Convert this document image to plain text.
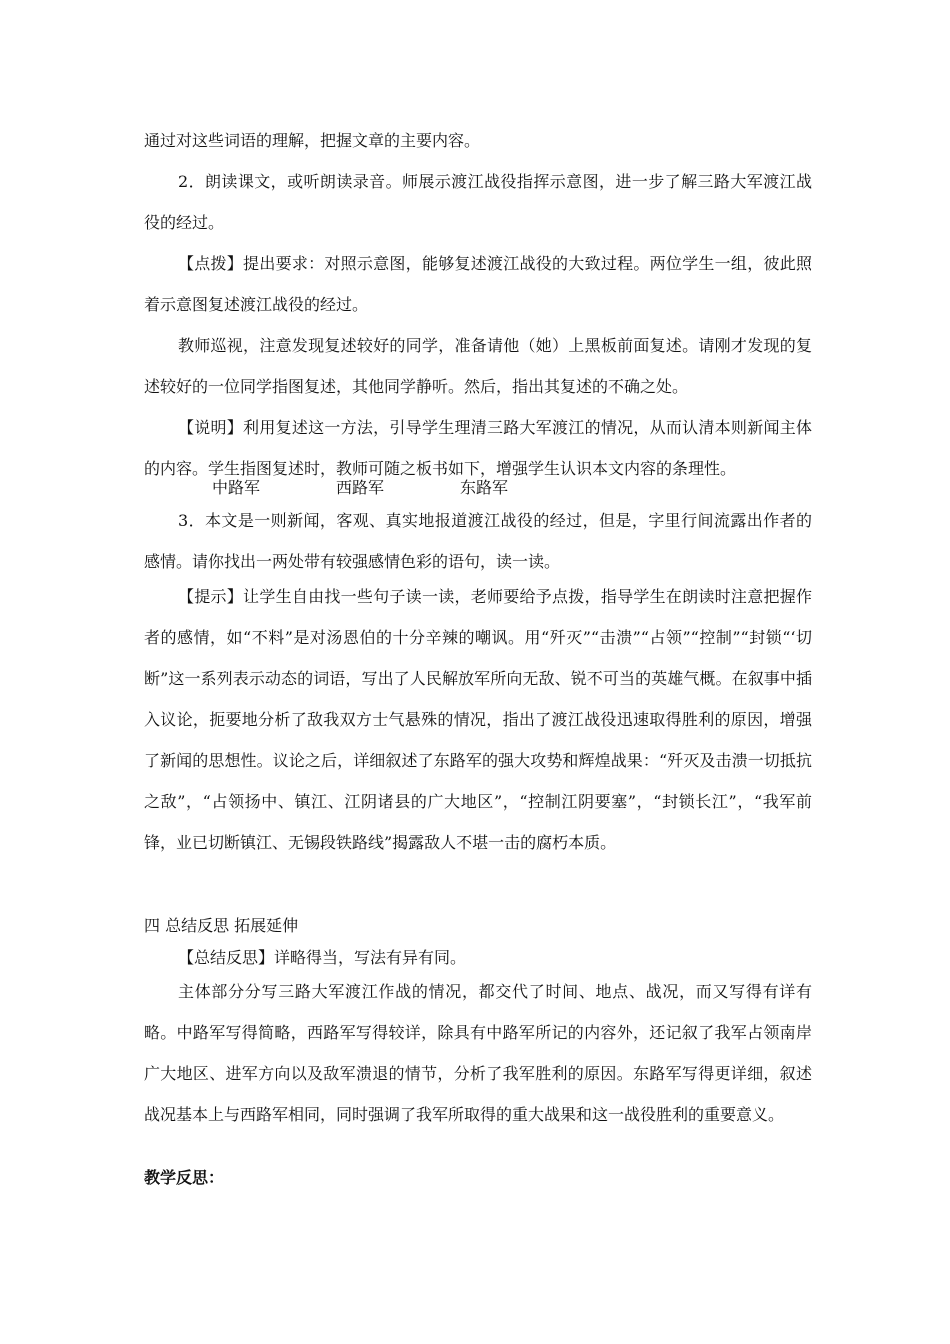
通过对这些词语的理解，把握文章的主要内容。

2．朗读课文，或听朗读录音。师展示渡江战役指挥示意图，进一步了解三路大军渡江战役的经过。

【点拨】提出要求：对照示意图，能够复述渡江战役的大致过程。两位学生一组，彼此照着示意图复述渡江战役的经过。

教师巡视，注意发现复述较好的同学，准备请他（她）上黑板前面复述。请刚才发现的复述较好的一位同学指图复述，其他同学静听。然后，指出其复述的不确之处。

【说明】利用复述这一方法，引导学生理清三路大军渡江的情况，从而认清本则新闻主体的内容。学生指图复述时，教师可随之板书如下，增强学生认识本文内容的条理性。

中路军	西路军	东路军

3．本文是一则新闻，客观、真实地报道渡江战役的经过，但是，字里行间流露出作者的感情。请你找出一两处带有较强感情色彩的语句，读一读。

【提示】让学生自由找一些句子读一读，老师要给予点拨，指导学生在朗读时注意把握作者的感情，如“不料”是对汤恩伯的十分辛辣的嘲讽。用“歼灭”“击溃”“占领”“控制”“封锁“‘切断”这一系列表示动态的词语，写出了人民解放军所向无敌、锐不可当的英雄气概。在叙事中插入议论，扼要地分析了敌我双方士气悬殊的情况，指出了渡江战役迅速取得胜利的原因，增强了新闻的思想性。议论之后，详细叙述了东路军的强大攻势和辉煌战果：“歼灭及击溃一切抵抗之敌”，“占领扬中、镇江、江阴诸县的广大地区”，“控制江阴要塞”，“封锁长江”，“我军前锋，业已切断镇江、无锡段铁路线”揭露敌人不堪一击的腐朽本质。

四 总结反思 拓展延伸

【总结反思】详略得当，写法有异有同。

主体部分分写三路大军渡江作战的情况，都交代了时间、地点、战况，而又写得有详有略。中路军写得简略，西路军写得较详，除具有中路军所记的内容外，还记叙了我军占领南岸广大地区、进军方向以及敌军溃退的情节，分析了我军胜利的原因。东路军写得更详细，叙述战况基本上与西路军相同，同时强调了我军所取得的重大战果和这一战役胜利的重要意义。

教学反思：
